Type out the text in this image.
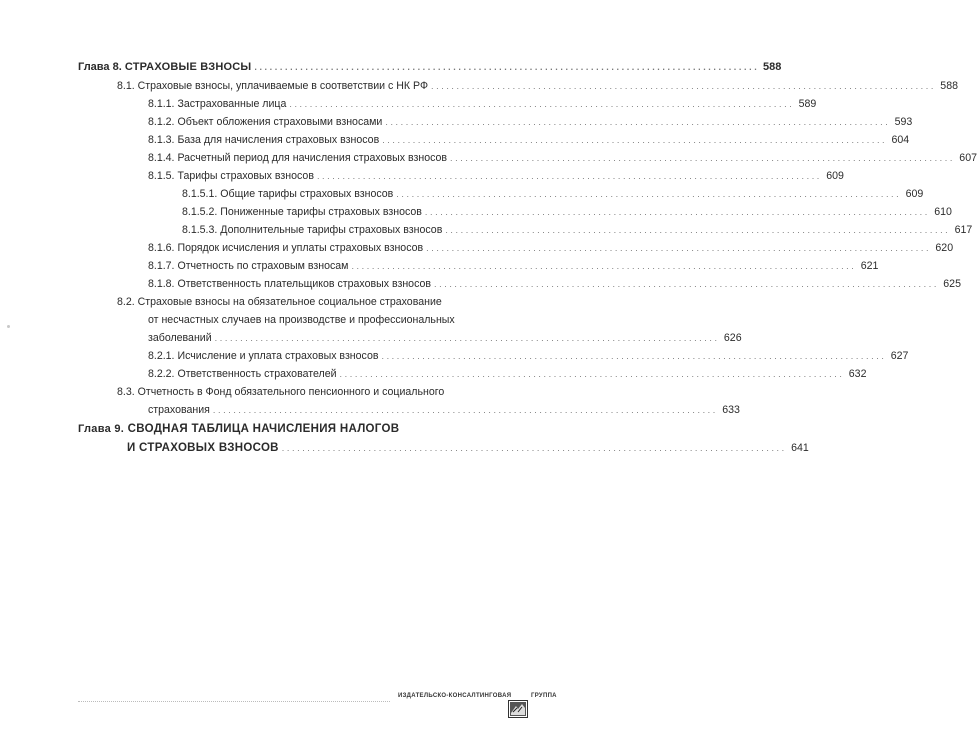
Глава 8. СТРАХОВЫЕ ВЗНОСЫ ................................................................................................... 588
8.1. Страховые взносы, уплачиваемые в соответствии с НК РФ ................................................................................................... 588
8.1.1. Застрахованные лица ................................................................................................... 589
8.1.2. Объект обложения страховыми взносами ................................................................................................... 593
8.1.3. База для начисления страховых взносов ................................................................................................... 604
8.1.4. Расчетный период для начисления страховых взносов ................................................................................................... 607
8.1.5. Тарифы страховых взносов ................................................................................................... 609
8.1.5.1. Общие тарифы страховых взносов ................................................................................................... 609
8.1.5.2. Пониженные тарифы страховых взносов ................................................................................................... 610
8.1.5.3. Дополнительные тарифы страховых взносов ................................................................................................... 617
8.1.6. Порядок исчисления и уплаты страховых взносов ................................................................................................... 620
8.1.7. Отчетность по страховым взносам ................................................................................................... 621
8.1.8. Ответственность плательщиков страховых взносов ................................................................................................... 625
8.2. Страховые взносы на обязательное социальное страхование
от несчастных случаев на производстве и профессиональных
заболеваний ................................................................................................... 626
8.2.1. Исчисление и уплата страховых взносов ................................................................................................... 627
8.2.2. Ответственность страхователей ................................................................................................... 632
8.3. Отчетность в Фонд обязательного пенсионного и социального
страхования ................................................................................................... 633
Глава 9. СВОДНАЯ ТАБЛИЦА НАЧИСЛЕНИЯ НАЛОГОВ
И СТРАХОВЫХ ВЗНОСОВ ................................................................................................... 641
ИЗДАТЕЛЬСКО-КОНСАЛТИНГОВАЯ	ГРУППА
